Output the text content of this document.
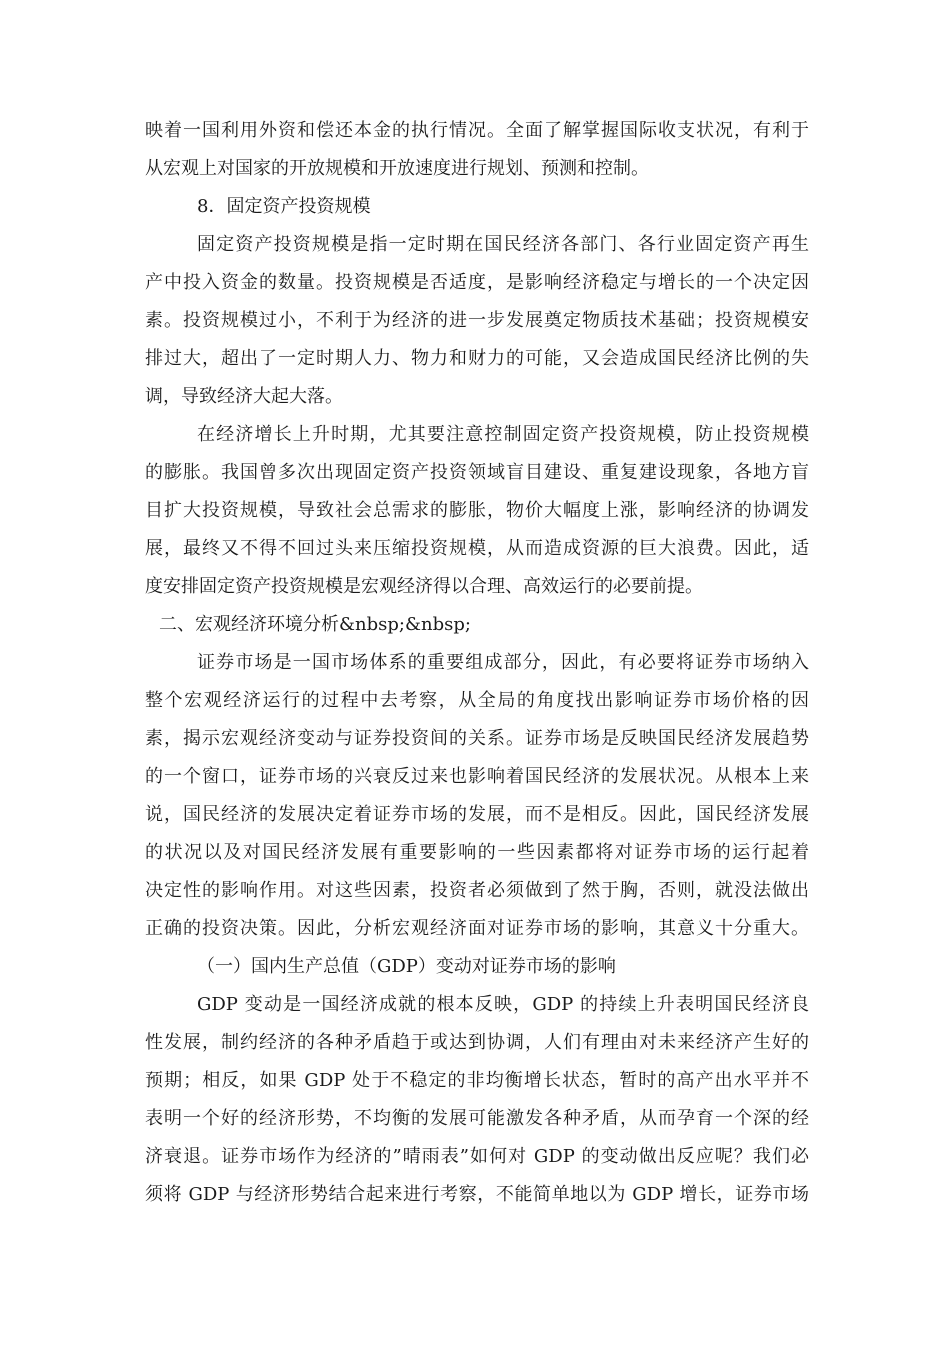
映着一国利用外资和偿还本金的执行情况。全面了解掌握国际收支状况，有利于
从宏观上对国家的开放规模和开放速度进行规划、预测和控制。
8．固定资产投资规模
固定资产投资规模是指一定时期在国民经济各部门、各行业固定资产再生
产中投入资金的数量。投资规模是否适度，是影响经济稳定与增长的一个决定因
素。投资规模过小，不利于为经济的进一步发展奠定物质技术基础；投资规模安
排过大，超出了一定时期人力、物力和财力的可能，又会造成国民经济比例的失
调，导致经济大起大落。
在经济增长上升时期，尤其要注意控制固定资产投资规模，防止投资规模
的膨胀。我国曾多次出现固定资产投资领域盲目建设、重复建设现象，各地方盲
目扩大投资规模，导致社会总需求的膨胀，物价大幅度上涨，影响经济的协调发
展，最终又不得不回过头来压缩投资规模，从而造成资源的巨大浪费。因此，适
度安排固定资产投资规模是宏观经济得以合理、高效运行的必要前提。
二、宏观经济环境分析&nbsp;&nbsp;
证券市场是一国市场体系的重要组成部分，因此，有必要将证券市场纳入
整个宏观经济运行的过程中去考察，从全局的角度找出影响证券市场价格的因
素，揭示宏观经济变动与证券投资间的关系。证券市场是反映国民经济发展趋势
的一个窗口，证券市场的兴衰反过来也影响着国民经济的发展状况。从根本上来
说，国民经济的发展决定着证券市场的发展，而不是相反。因此，国民经济发展
的状况以及对国民经济发展有重要影响的一些因素都将对证券市场的运行起着
决定性的影响作用。对这些因素，投资者必须做到了然于胸，否则，就没法做出
正确的投资决策。因此，分析宏观经济面对证券市场的影响，其意义十分重大。
（一）国内生产总值（GDP）变动对证券市场的影响
GDP 变动是一国经济成就的根本反映，GDP 的持续上升表明国民经济良
性发展，制约经济的各种矛盾趋于或达到协调，人们有理由对未来经济产生好的
预期；相反，如果 GDP 处于不稳定的非均衡增长状态，暂时的高产出水平并不
表明一个好的经济形势，不均衡的发展可能激发各种矛盾，从而孕育一个深的经
济衰退。证券市场作为经济的”晴雨表”如何对 GDP 的变动做出反应呢？我们必
须将 GDP 与经济形势结合起来进行考察，不能简单地以为 GDP 增长，证券市场
